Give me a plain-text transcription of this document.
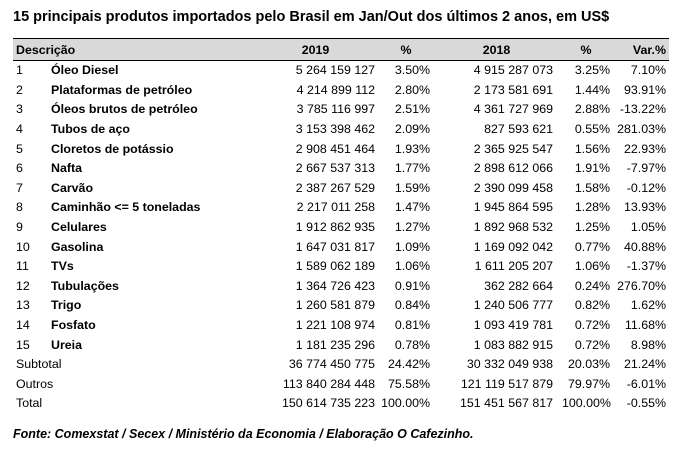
15 principais produtos importados pelo Brasil em Jan/Out dos últimos 2 anos, em US$
Descrição		2019	%	2018	%	Var.%
1	Óleo Diesel	5 264 159 127	3.50%	4 915 287 073	3.25%	7.10%
2	Plataformas de petróleo	4 214 899 112	2.80%	2 173 581 691	1.44%	93.91%
3	Óleos brutos de petróleo	3 785 116 997	2.51%	4 361 727 969	2.88%	-13.22%
4	Tubos de aço	3 153 398 462	2.09%	827 593 621	0.55%	281.03%
5	Cloretos de potássio	2 908 451 464	1.93%	2 365 925 547	1.56%	22.93%
6	Nafta	2 667 537 313	1.77%	2 898 612 066	1.91%	-7.97%
7	Carvão	2 387 267 529	1.59%	2 390 099 458	1.58%	-0.12%
8	Caminhão <= 5 toneladas	2 217 011 258	1.47%	1 945 864 595	1.28%	13.93%
9	Celulares	1 912 862 935	1.27%	1 892 968 532	1.25%	1.05%
10	Gasolina	1 647 031 817	1.09%	1 169 092 042	0.77%	40.88%
11	TVs	1 589 062 189	1.06%	1 611 205 207	1.06%	-1.37%
12	Tubulações	1 364 726 423	0.91%	362 282 664	0.24%	276.70%
13	Trigo	1 260 581 879	0.84%	1 240 506 777	0.82%	1.62%
14	Fosfato	1 221 108 974	0.81%	1 093 419 781	0.72%	11.68%
15	Ureia	1 181 235 296	0.78%	1 083 882 915	0.72%	8.98%
Subtotal		36 774 450 775	24.42%	30 332 049 938	20.03%	21.24%
Outros		113 840 284 448	75.58%	121 119 517 879	79.97%	-6.01%
Total		150 614 735 223	100.00%	151 451 567 817	100.00%	-0.55%
Fonte: Comexstat / Secex / Ministério da Economia / Elaboração O Cafezinho.
